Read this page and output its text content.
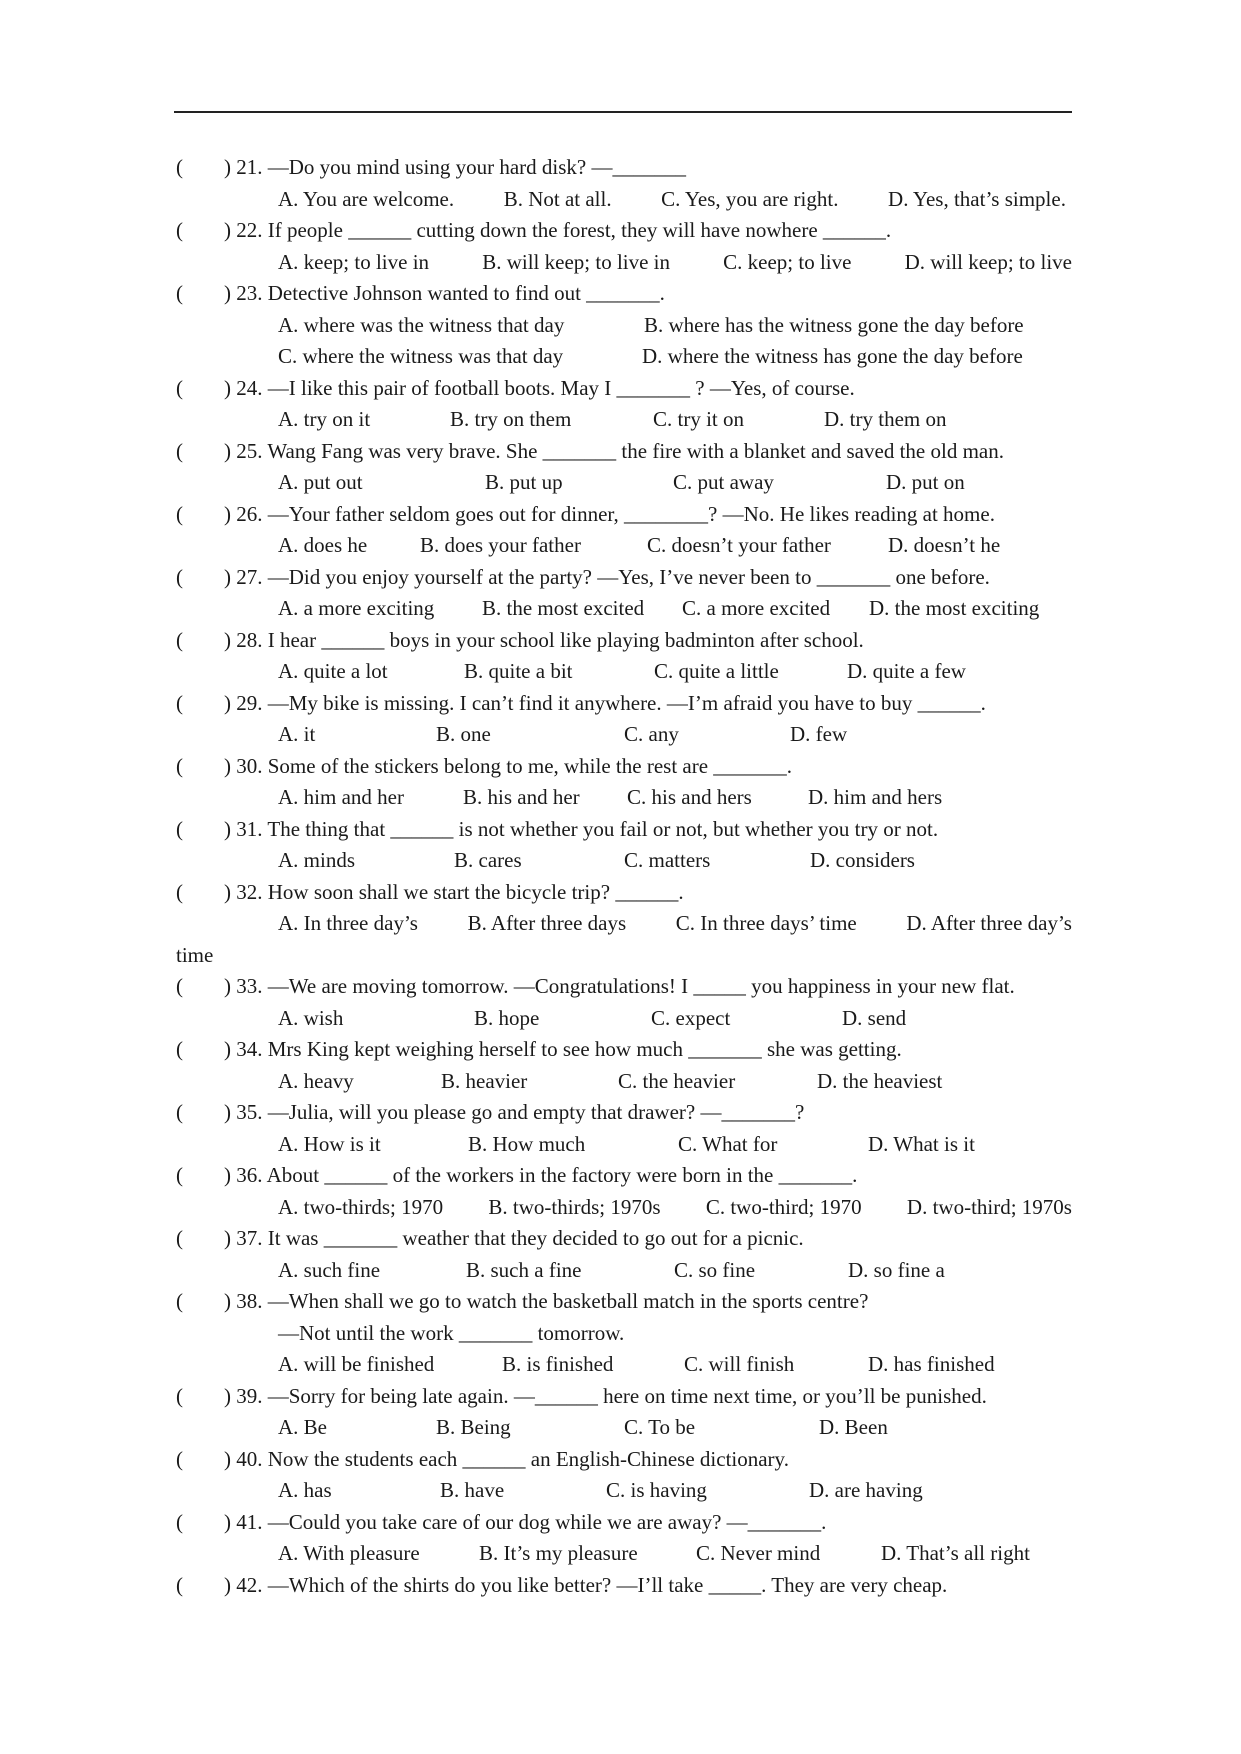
( ) 21. —Do you mind using your hard disk? —_______
A. You are welcome. B. Not at all. C. Yes, you are right. D. Yes, that’s simple.
( ) 22. If people ______ cutting down the forest, they will have nowhere ______.
A. keep; to live in	B. will keep; to live in	C. keep; to live	D. will keep; to live
( ) 23. Detective Johnson wanted to find out _______.
A. where was the witness that day	B. where has the witness gone the day before
C. where the witness was that day	D. where the witness has gone the day before
( ) 24. —I like this pair of football boots. May I _______ ? —Yes, of course.
A. try on it	B. try on them	C. try it on	D. try them on
( ) 25. Wang Fang was very brave. She _______ the fire with a blanket and saved the old man.
A. put out	B. put up	C. put away	D. put on
( ) 26. —Your father seldom goes out for dinner, ________? —No. He likes reading at home.
A. does he	B. does your father	C. doesn’t your father	D. doesn’t he
( ) 27. —Did you enjoy yourself at the party? —Yes, I’ve never been to _______ one before.
A. a more exciting B. the most excited C. a more excited D. the most exciting
( ) 28. I hear ______ boys in your school like playing badminton after school.
A. quite a lot	B. quite a bit	C. quite a little	D. quite a few
( ) 29. —My bike is missing. I can’t find it anywhere. —I’m afraid you have to buy ______.
A. it	B. one	C. any	D. few
( ) 30. Some of the stickers belong to me, while the rest are _______.
A. him and her	B. his and her C. his and hers	D. him and hers
( ) 31. The thing that ______ is not whether you fail or not, but whether you try or not.
A. minds	B. cares	C. matters	D. considers
( ) 32. How soon shall we start the bicycle trip? ______.
A. In three day’s B. After three days C. In three days’ time D. After three day’s
time
( ) 33. —We are moving tomorrow. —Congratulations! I _____ you happiness in your new flat.
A. wish	B. hope	C. expect	D. send
( ) 34. Mrs King kept weighing herself to see how much _______ she was getting.
A. heavy	B. heavier	C. the heavier	D. the heaviest
( ) 35. —Julia, will you please go and empty that drawer? —_______?
A. How is it	B. How much	C. What for	D. What is it
( ) 36. About ______ of the workers in the factory were born in the _______.
A. two-thirds; 1970 B. two-thirds; 1970s C. two-third; 1970 D. two-third; 1970s
( ) 37. It was _______ weather that they decided to go out for a picnic.
A. such fine	B. such a fine	C. so fine	D. so fine a
( ) 38. —When shall we go to watch the basketball match in the sports centre?
—Not until the work _______ tomorrow.
A. will be finished	B. is finished	C. will finish	D. has finished
( ) 39. —Sorry for being late again. —______ here on time next time, or you’ll be punished.
A. Be	B. Being	C. To be	D. Been
( ) 40. Now the students each ______ an English-Chinese dictionary.
A. has	B. have	C. is having	D. are having
( ) 41. —Could you take care of our dog while we are away? —_______.
A. With pleasure	B. It’s my pleasure	C. Never mind	D. That’s all right
( ) 42. —Which of the shirts do you like better? —I’ll take _____. They are very cheap.
